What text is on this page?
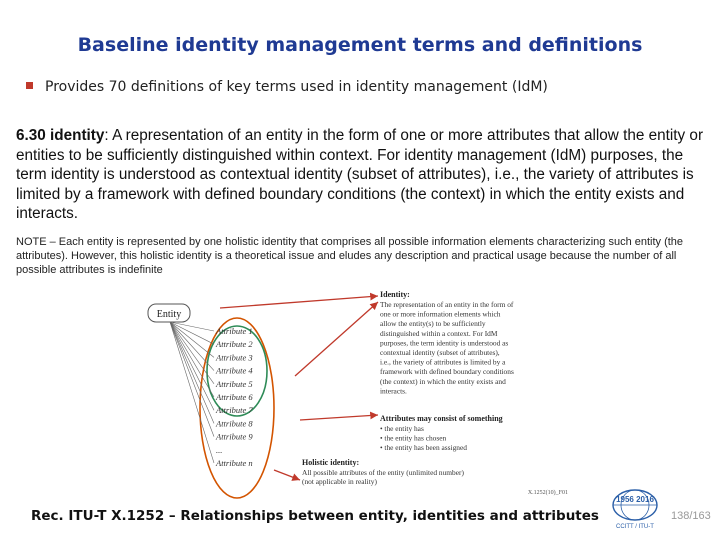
Baseline identity management terms and definitions
Provides 70 definitions of key terms used in identity management (IdM)
6.30 identity: A representation of an entity in the form of one or more attributes that allow the entity or entities to be sufficiently distinguished within context. For identity management (IdM) purposes, the term identity is understood as contextual identity (subset of attributes), i.e., the variety of attributes is limited by a framework with defined boundary conditions (the context) in which the entity exists and interacts.
NOTE – Each entity is represented by one holistic identity that comprises all possible information elements characterizing such entity (the attributes). However, this holistic identity is a theoretical issue and eludes any description and practical usage because the number of all possible attributes is indefinite
Entity
Attribute 1
Attribute 2
Attribute 3
Attribute 4
Attribute 5
Attribute 6
Attribute 7
Attribute 8
Attribute 9
...
Attribute n
Identity:
The representation of an entity in the form of
one or more information elements which
allow the entity(s) to be sufficiently
distinguished within a context. For IdM
purposes, the term identity is understood as
contextual identity (subset of attributes),
i.e., the variety of attributes is limited by a
framework with defined boundary conditions
(the context) in which the entity exists and
interacts.
Attributes may consist of something
• the entity has
• the entity has chosen
• the entity has been assigned
Holistic identity:
All possible attributes of the entity (unlimited number)
(not applicable in reality)
X.1252(10)_F01
Rec. ITU-T X.1252 – Relationships between entity, identities and attributes
1956 2016
CCITT / ITU-T
138/163
